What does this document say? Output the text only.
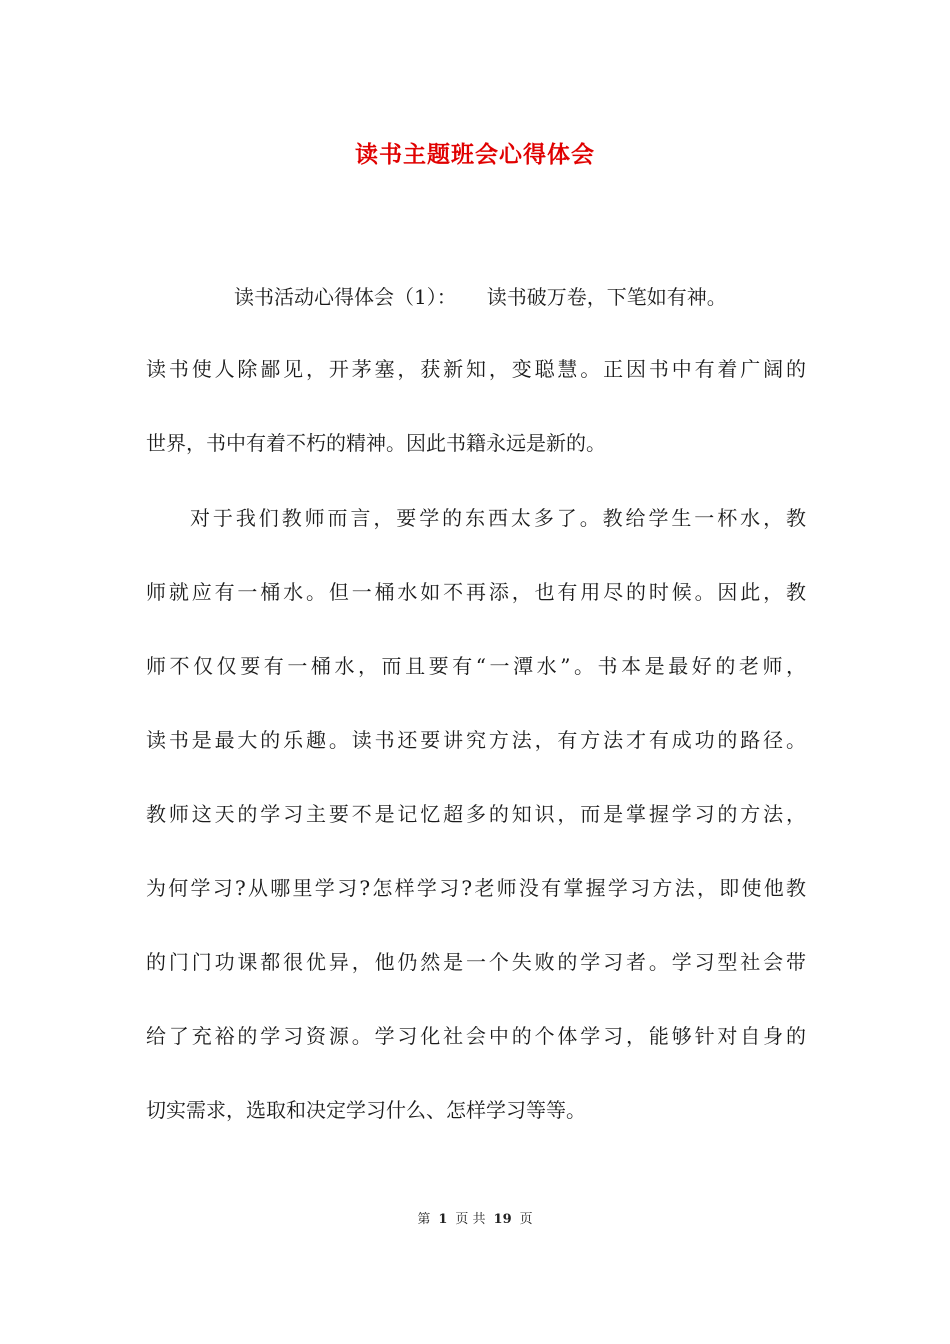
读书主题班会心得体会
读书活动心得体会（1）：　　读书破万卷，下笔如有神。
读书使人除鄙见，开茅塞，获新知，变聪慧。正因书中有着广阔的
世界，书中有着不朽的精神。因此书籍永远是新的。
对于我们教师而言，要学的东西太多了。教给学生一杯水，教
师就应有一桶水。但一桶水如不再添，也有用尽的时候。因此，教
师不仅仅要有一桶水，而且要有“一潭水”。书本是最好的老师，
读书是最大的乐趣。读书还要讲究方法，有方法才有成功的路径。
教师这天的学习主要不是记忆超多的知识，而是掌握学习的方法，
为何学习?从哪里学习?怎样学习?老师没有掌握学习方法，即使他教
的门门功课都很优异，他仍然是一个失败的学习者。学习型社会带
给了充裕的学习资源。学习化社会中的个体学习，能够针对自身的
切实需求，选取和决定学习什么、怎样学习等等。
第 1 页 共 19 页
